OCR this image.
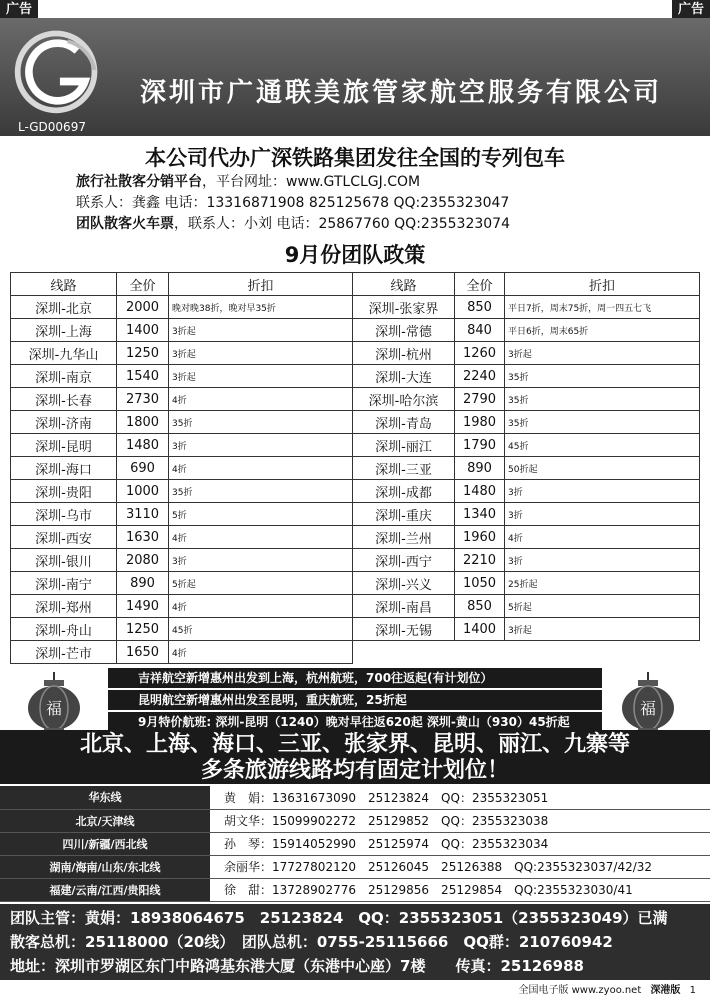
广告	广告
深圳市广通联美旅管家航空服务有限公司
L-GD00697
本公司代办广深铁路集团发往全国的专列包车
旅行社散客分销平台，平台网址：www.GTLCLGJ.COM
联系人：龚鑫 电话：13316871908 825125678 QQ:2355323047
团队散客火车票，联系人：小刘 电话：25867760 QQ:2355323074
9月份团队政策
线路	全价	折扣	线路	全价	折扣
深圳-北京	2000	晚对晚38折，晚对早35折	深圳-张家界	850	平日7折，周末75折，周一四五七飞
深圳-上海	1400	3折起	深圳-常德	840	平日6折，周末65折
深圳-九华山	1250	3折起	深圳-杭州	1260	3折起
深圳-南京	1540	3折起	深圳-大连	2240	35折
深圳-长春	2730	4折	深圳-哈尔滨	2790	35折
深圳-济南	1800	35折	深圳-青岛	1980	35折
深圳-昆明	1480	3折	深圳-丽江	1790	45折
深圳-海口	690	4折	深圳-三亚	890	50折起
深圳-贵阳	1000	35折	深圳-成都	1480	3折
深圳-乌市	3110	5折	深圳-重庆	1340	3折
深圳-西安	1630	4折	深圳-兰州	1960	4折
深圳-银川	2080	3折	深圳-西宁	2210	3折
深圳-南宁	890	5折起	深圳-兴义	1050	25折起
深圳-郑州	1490	4折	深圳-南昌	850	5折起
深圳-舟山	1250	45折	深圳-无锡	1400	3折起
深圳-芒市	1650	4折			
福	福
吉祥航空新增惠州出发到上海，杭州航班，700往返起(有计划位）
昆明航空新增惠州出发至昆明，重庆航班，25折起
9月特价航班: 深圳-昆明（1240）晚对早往返620起 深圳-黄山（930）45折起
北京、上海、海口、三亚、张家界、昆明、丽江、九寨等
多条旅游线路均有固定计划位！
华东线	黄　娟：13631673090　25123824　QQ：2355323051
北京/天津线	胡文华：15099902272　25129852　QQ：2355323038
四川/新疆/西北线	孙　琴：15914052990　25125974　QQ：2355323034
湖南/海南/山东/东北线	余丽华：17727802120　25126045　25126388　QQ:2355323037/42/32
福建/云南/江西/贵阳线	徐　甜：13728902776　25129856　25129854　QQ:2355323030/41
团队主管：黄娟：18938064675　25123824　QQ：2355323051（2355323049）已满
散客总机：25118000（20线）　团队总机：0755-25115666　QQ群：210760942
地址：深圳市罗湖区东门中路鸿基东港大厦（东港中心座）7楼　　传真：25126988
全国电子版 www.zyoo.net 深港版 1
